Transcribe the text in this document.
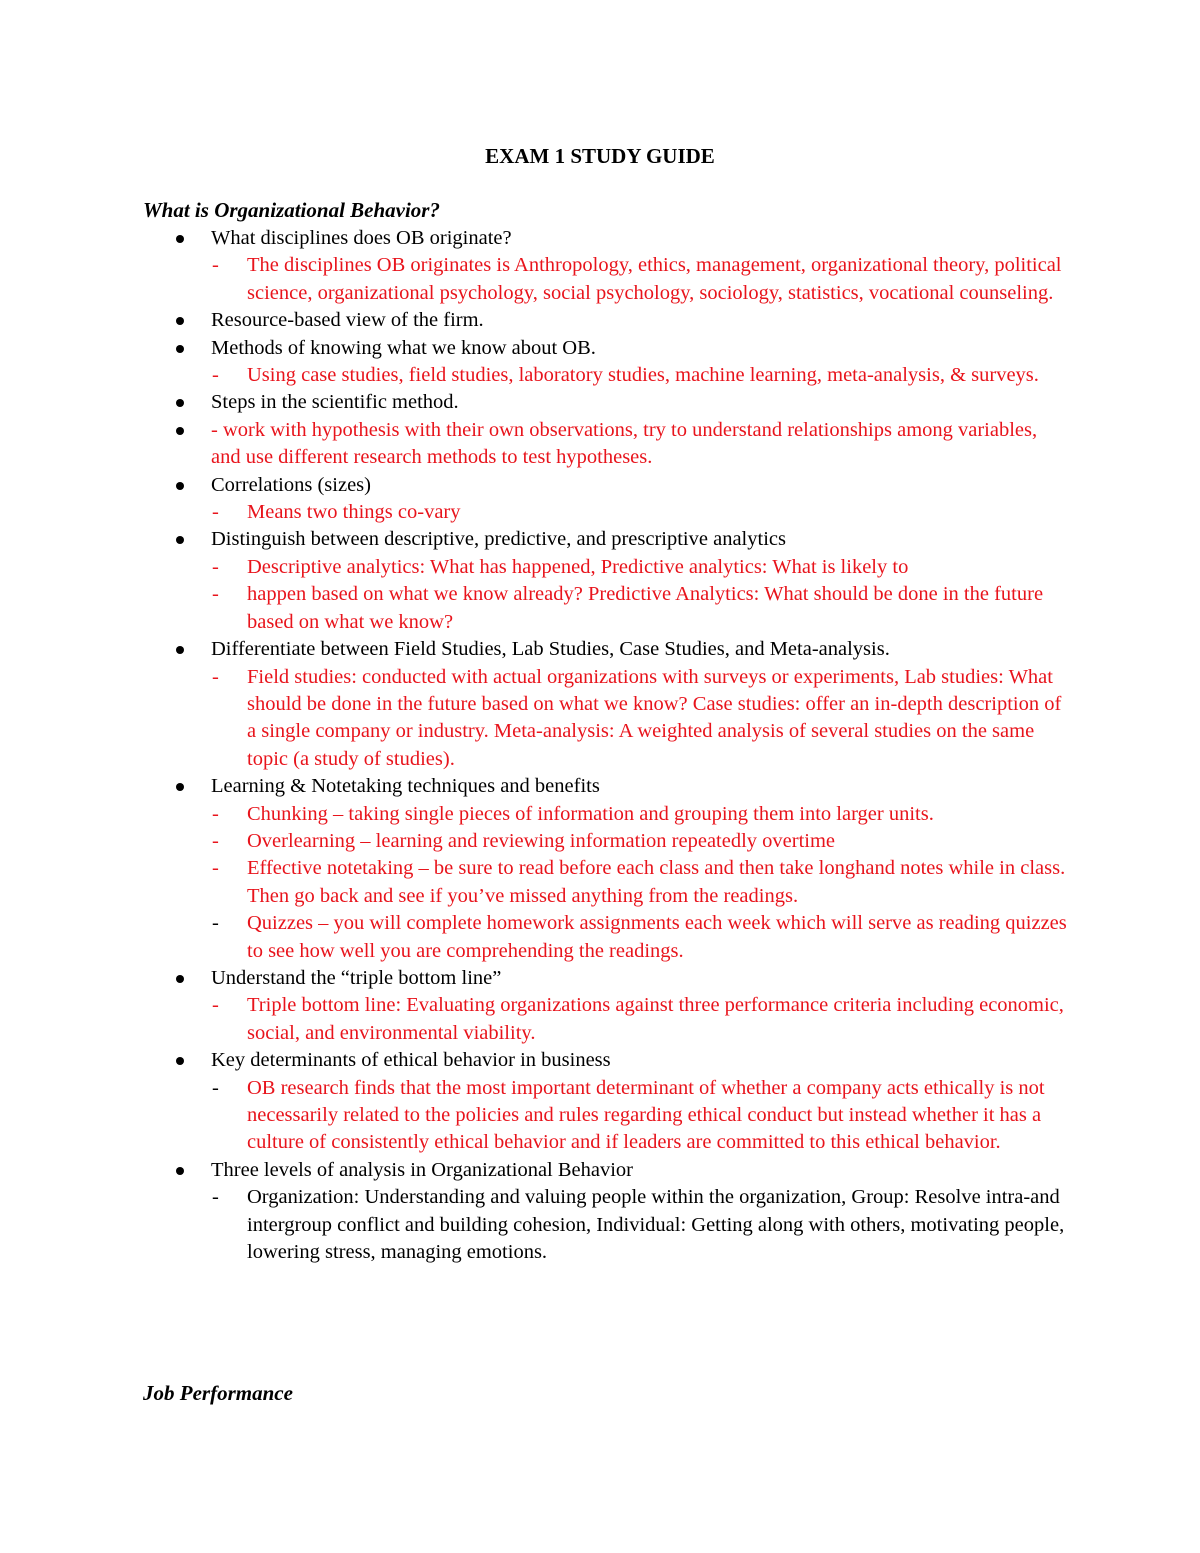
EXAM 1 STUDY GUIDE
What is Organizational Behavior?
What disciplines does OB originate?
- The disciplines OB originates is Anthropology, ethics, management, organizational theory, political science, organizational psychology, social psychology, sociology, statistics, vocational counseling.
Resource-based view of the firm.
Methods of knowing what we know about OB.
- Using case studies, field studies, laboratory studies, machine learning, meta-analysis, & surveys.
Steps in the scientific method.
- work with hypothesis with their own observations, try to understand relationships among variables, and use different research methods to test hypotheses.
Correlations (sizes)
- Means two things co-vary
Distinguish between descriptive, predictive, and prescriptive analytics
- Descriptive analytics: What has happened, Predictive analytics: What is likely to
- happen based on what we know already? Predictive Analytics: What should be done in the future based on what we know?
Differentiate between Field Studies, Lab Studies, Case Studies, and Meta-analysis.
- Field studies: conducted with actual organizations with surveys or experiments, Lab studies: What should be done in the future based on what we know? Case studies: offer an in-depth description of a single company or industry. Meta-analysis: A weighted analysis of several studies on the same topic (a study of studies).
Learning & Notetaking techniques and benefits
- Chunking – taking single pieces of information and grouping them into larger units.
- Overlearning – learning and reviewing information repeatedly overtime
- Effective notetaking – be sure to read before each class and then take longhand notes while in class. Then go back and see if you’ve missed anything from the readings.
- Quizzes – you will complete homework assignments each week which will serve as reading quizzes to see how well you are comprehending the readings.
Understand the “triple bottom line”
- Triple bottom line: Evaluating organizations against three performance criteria including economic, social, and environmental viability.
Key determinants of ethical behavior in business
- OB research finds that the most important determinant of whether a company acts ethically is not necessarily related to the policies and rules regarding ethical conduct but instead whether it has a culture of consistently ethical behavior and if leaders are committed to this ethical behavior.
Three levels of analysis in Organizational Behavior
- Organization: Understanding and valuing people within the organization, Group: Resolve intra-and intergroup conflict and building cohesion, Individual: Getting along with others, motivating people, lowering stress, managing emotions.
Job Performance
